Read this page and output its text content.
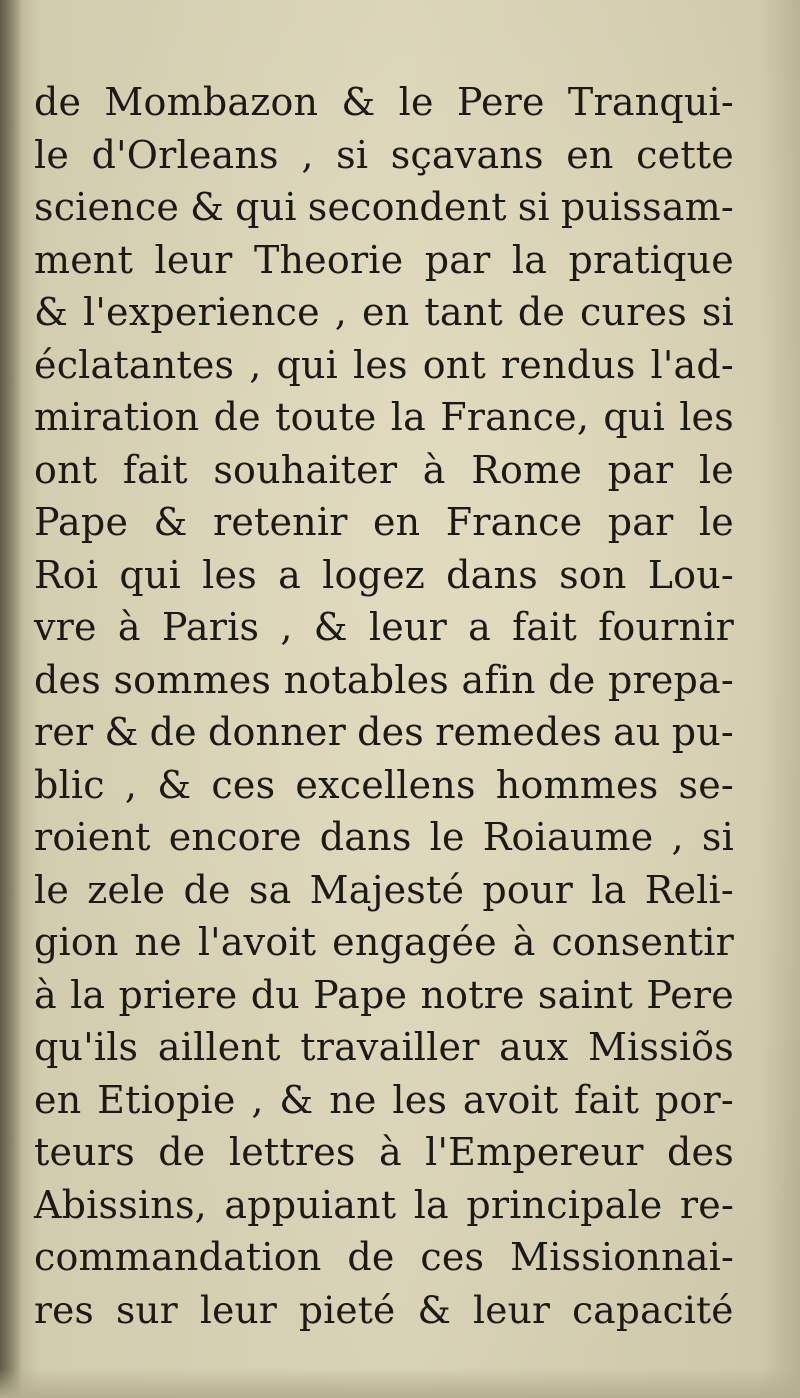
de Mombazon & le Pere Tranqui-
le d'Orleans , si sçavans en cette
science & qui secondent si puissam-
ment leur Theorie par la pratique
& l'experience , en tant de cures si
éclatantes , qui les ont rendus l'ad-
miration de toute la France, qui les
ont fait souhaiter à Rome par le
Pape & retenir en France par le
Roi qui les a logez dans son Lou-
vre à Paris , & leur a fait fournir
des sommes notables afin de prepa-
rer & de donner des remedes au pu-
blic , & ces excellens hommes se-
roient encore dans le Roiaume , si
le zele de sa Majesté pour la Reli-
gion ne l'avoit engagée à consentir
à la priere du Pape notre saint Pere
qu'ils aillent travailler aux Missiõs
en Etiopie , & ne les avoit fait por-
teurs de lettres à l'Empereur des
Abissins, appuiant la principale re-
commandation de ces Missionnai-
res sur leur pieté & leur capacité
